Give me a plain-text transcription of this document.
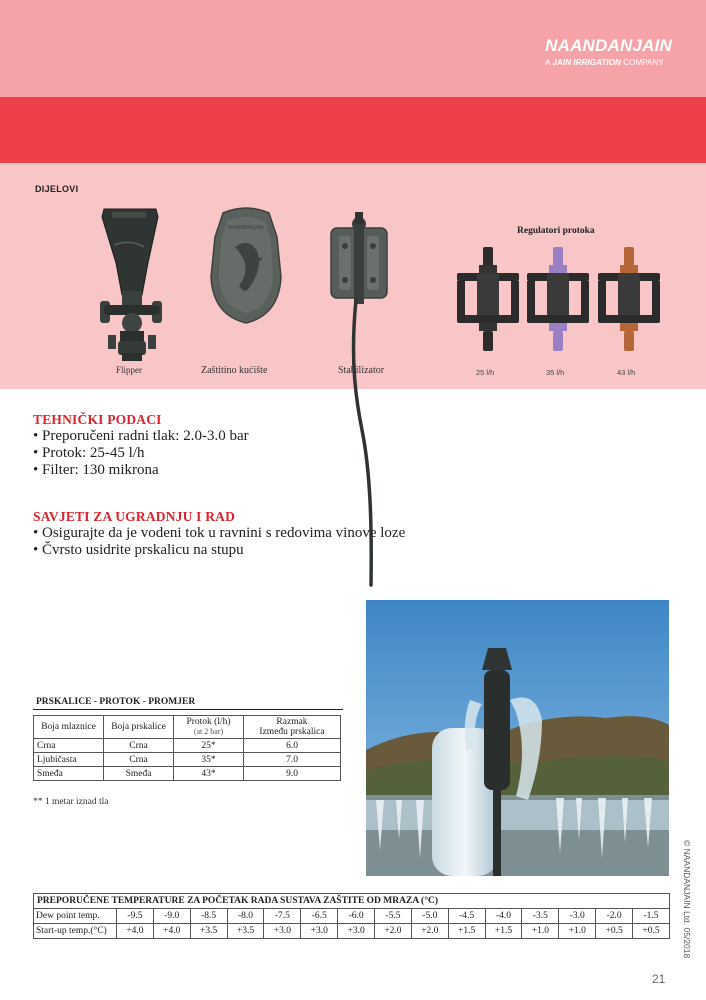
NAANDANJAIN
A JAIN IRRIGATION COMPANY
DIJELOVI
Flipper
NAANDANJAIN
Zaštitino kućište	Stabilizator
Regulatori protoka
25 l/h	35 l/h	43 l/h
TEHNIČKI PODACI
• Preporučeni radni tlak: 2.0-3.0 bar
• Protok: 25-45 l/h
• Filter: 130 mikrona
SAVJETI ZA UGRADNJU I RAD
• Osigurajte da je vodeni tok u ravnini s redovima vinove loze
• Čvrsto usidrite prskalicu na stupu
PRSKALICE - PROTOK - PROMJER
Boja mlaznice	Boja prskalice	Protok (l/h)
(at 2 bar)	Razmak
Između prskalica
Crna	Crna	25*	6.0
Ljubičasta	Crna	35*	7.0
Smeđa	Smeđa	43*	9.0
** 1 metar iznad tla
PREPORUČENE TEMPERATURE ZA POČETAK RADA SUSTAVA ZAŠTITE OD MRAZA (°C)															
Dew point temp.	-9.5	-9.0	-8.5	-8.0	-7.5	-6.5	-6.0	-5.5	-5.0	-4.5	-4.0	-3.5	-3.0	-2.0	-1.5
Start-up temp.(°C)	+4.0	+4.0	+3.5	+3.5	+3.0	+3.0	+3.0	+2.0	+2.0	+1.5	+1.5	+1.0	+1.0	+0.5	+0.5	© NAANDANJAIN Ltd. 05/2018
21
